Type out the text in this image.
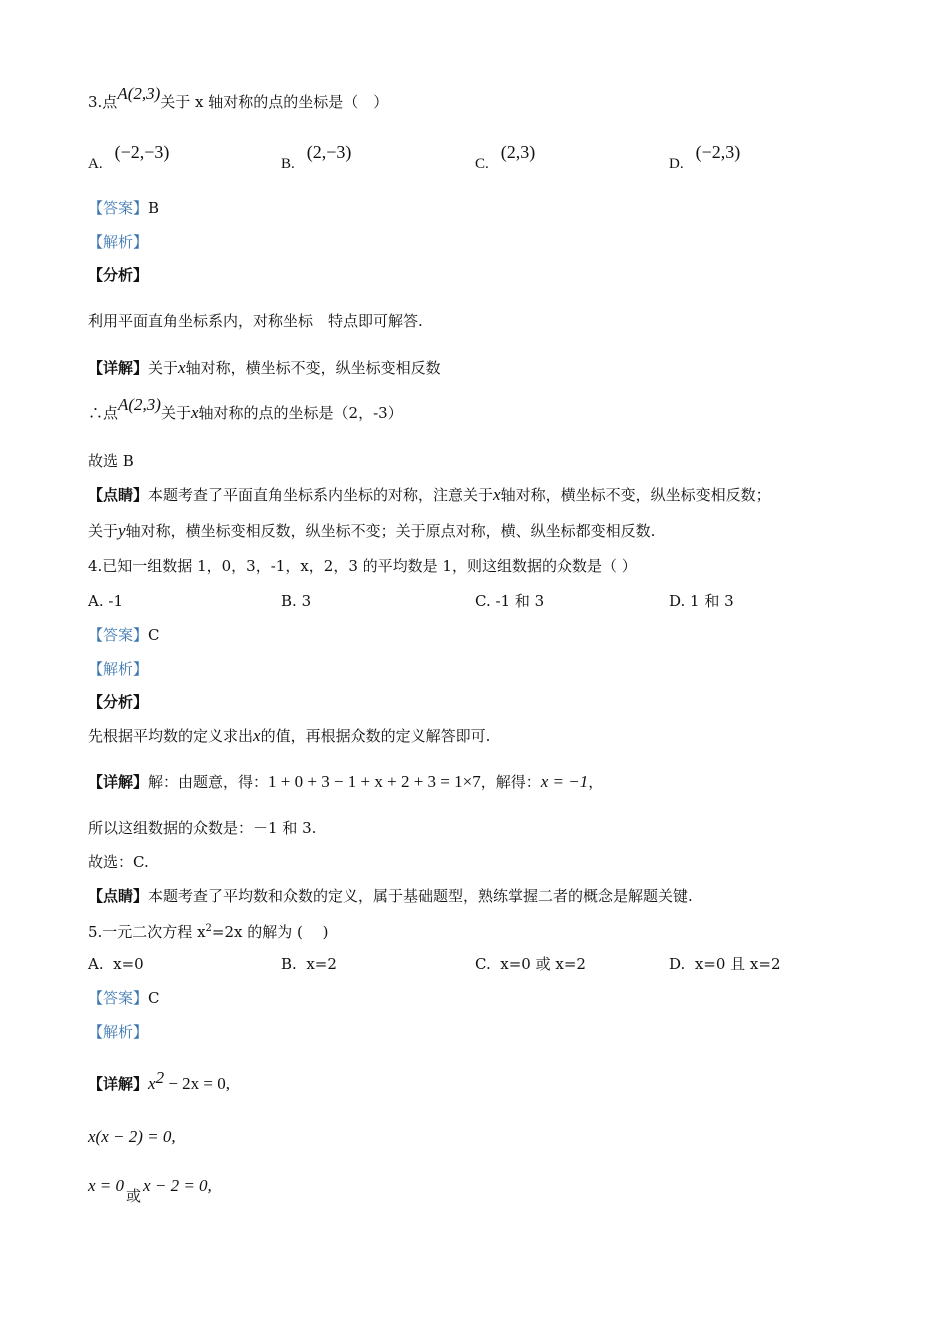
3.点A(2,3)关于 x 轴对称的点的坐标是（　）
A.(−2,−3)
B.(2,−3)
C.(2,3)
D.(−2,3)
【答案】B
【解析】
【分析】
利用平面直角坐标系内，对称坐标　特点即可解答.
【详解】关于x轴对称，横坐标不变，纵坐标变相反数
∴点A(2,3)关于x轴对称的点的坐标是（2，-3）
故选 B
【点睛】本题考查了平面直角坐标系内坐标的对称，注意关于x轴对称，横坐标不变，纵坐标变相反数；
关于y轴对称，横坐标变相反数，纵坐标不变；关于原点对称，横、纵坐标都变相反数.
4.已知一组数据 1，0，3，-1，x，2，3 的平均数是 1，则这组数据的众数是（ ）
A. -1	B. 3	C. -1 和 3	D. 1 和 3
【答案】C
【解析】
【分析】
先根据平均数的定义求出x的值，再根据众数的定义解答即可.
【详解】解：由题意，得：1 + 0 + 3 − 1 + x + 2 + 3 = 1×7，解得：x = −1，
所以这组数据的众数是：－1 和 3.
故选：C.
【点睛】本题考查了平均数和众数的定义，属于基础题型，熟练掌握二者的概念是解题关键.
5.一元二次方程 $x^2=2x$ 的解为 (　 )
A. x=0	B. x=2	C. x=0 或 x=2	D. x=0 且 x=2
【答案】C
【解析】
【详解】$x^2 - 2x = 0$,
x(x − 2) = 0,
x = 0或x − 2 = 0,
